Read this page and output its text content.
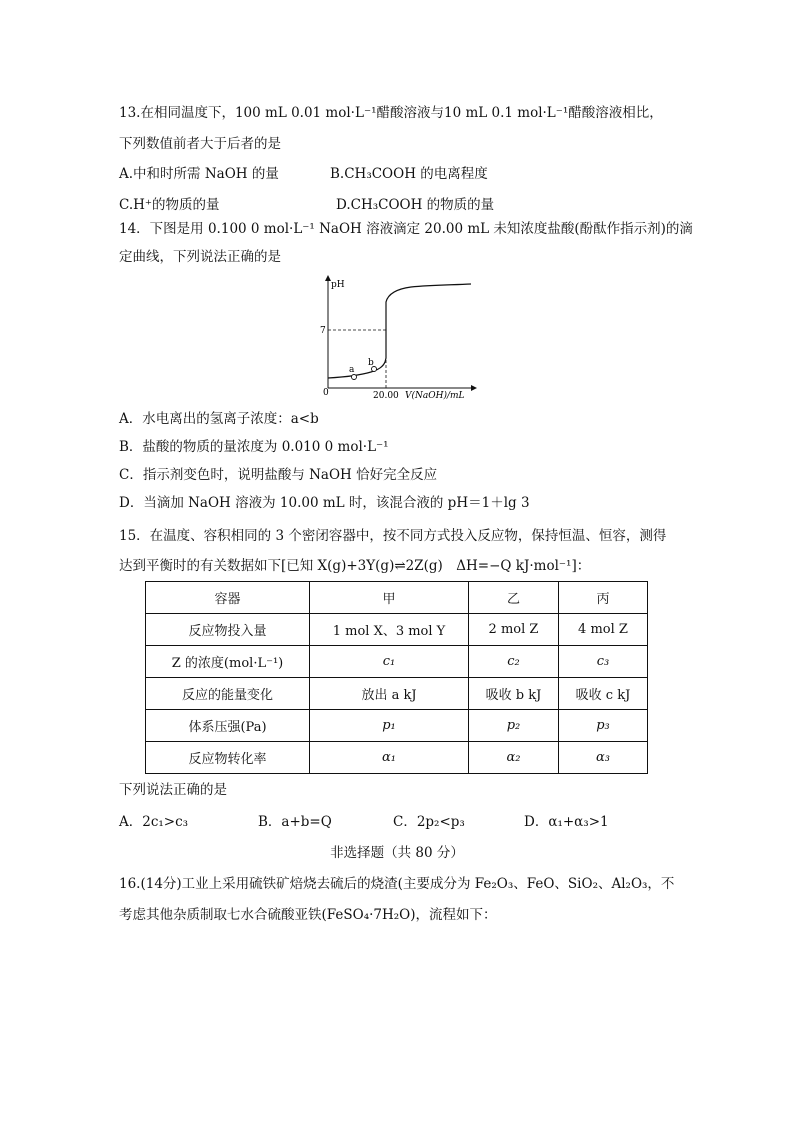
13.在相同温度下，100 mL 0.01 mol·L⁻¹醋酸溶液与10 mL 0.1 mol·L⁻¹醋酸溶液相比，
下列数值前者大于后者的是
A.中和时所需 NaOH 的量	B.CH₃COOH 的电离程度
C.H⁺的物质的量	D.CH₃COOH 的物质的量
14．下图是用 0.100 0 mol·L⁻¹ NaOH 溶液滴定 20.00 mL 未知浓度盐酸(酚酞作指示剂)的滴
定曲线，下列说法正确的是
pH
7
0	20.00 V(NaOH)/mL
a
b
A．水电离出的氢离子浓度：a<b
B．盐酸的物质的量浓度为 0.010 0 mol·L⁻¹
C．指示剂变色时，说明盐酸与 NaOH 恰好完全反应
D．当滴加 NaOH 溶液为 10.00 mL 时，该混合液的 pH＝1＋lg 3
15．在温度、容积相同的 3 个密闭容器中，按不同方式投入反应物，保持恒温、恒容，测得
达到平衡时的有关数据如下[已知 X(g)+3Y(g)⇌2Z(g)　ΔH=−Q kJ·mol⁻¹]：
容器	甲	乙	丙
反应物投入量	1 mol X、3 mol Y	2 mol Z	4 mol Z
Z 的浓度(mol·L⁻¹)	c₁	c₂	c₃
反应的能量变化	放出 a kJ	吸收 b kJ	吸收 c kJ
体系压强(Pa)	p₁	p₂	p₃
反应物转化率	α₁	α₂	α₃
下列说法正确的是
A．2c₁>c₃	B．a+b=Q	C．2p₂<p₃	D．α₁+α₃>1
非选择题（共 80 分）
16.(14分)工业上采用硫铁矿焙烧去硫后的烧渣(主要成分为 Fe₂O₃、FeO、SiO₂、Al₂O₃，不
考虑其他杂质制取七水合硫酸亚铁(FeSO₄·7H₂O)，流程如下：
